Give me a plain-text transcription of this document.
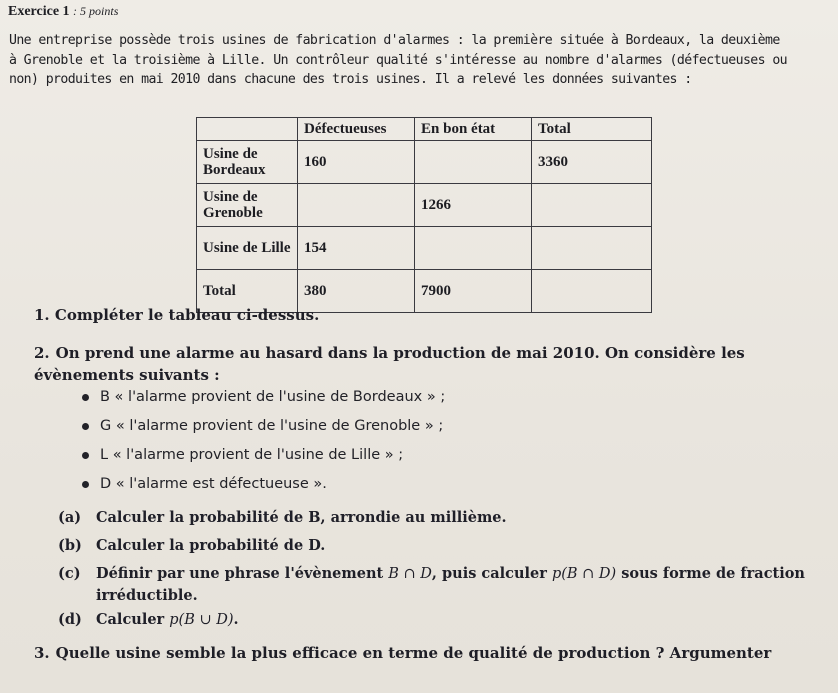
Exercice 1 : 5 points
Une entreprise possède trois usines de fabrication d'alarmes : la première située à Bordeaux, la deuxième
à Grenoble et la troisième à Lille. Un contrôleur qualité s'intéresse au nombre d'alarmes (défectueuses ou
non) produites en mai 2010 dans chacune des trois usines. Il a relevé les données suivantes :
	Défectueuses	En bon état	Total
Usine de Bordeaux	160		3360
Usine de Grenoble		1266	
Usine de Lille	154		
Total	380	7900	
1. Compléter le tableau ci-dessus.
2. On prend une alarme au hasard dans la production de mai 2010. On considère les évènements suivants :
B « l'alarme provient de l'usine de Bordeaux » ;
G « l'alarme provient de l'usine de Grenoble » ;
L « l'alarme provient de l'usine de Lille » ;
D « l'alarme est défectueuse ».
(a) Calculer la probabilité de B, arrondie au millième.
(b) Calculer la probabilité de D.
(c) Définir par une phrase l'évènement B ∩ D, puis calculer p(B ∩ D) sous forme de fraction
irréductible.
(d) Calculer p(B ∪ D).
3. Quelle usine semble la plus efficace en terme de qualité de production ? Argumenter
